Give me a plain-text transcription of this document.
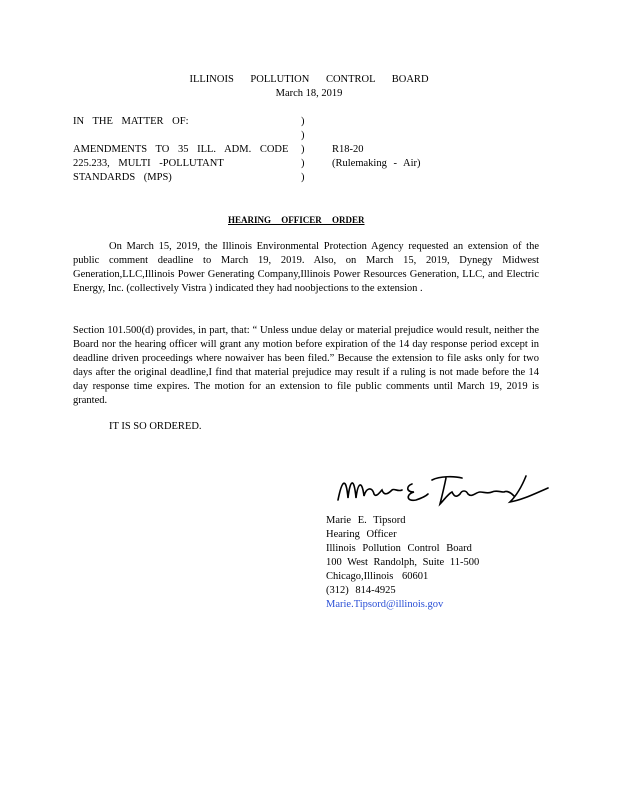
ILLINOIS POLLUTION CONTROL BOARD
March 18, 2019
IN THE MATTER OF:

AMENDMENTS TO 35 ILL. ADM. CODE
225.233, MULTI -POLLUTANT
STANDARDS (MPS)
)
)
)
)
)
R18-20
(Rulemaking - Air)
HEARING OFFICER ORDER
On March 15, 2019, the Illinois Environmental Protection Agency requested an extension of the public comment deadline to March 19, 2019. Also, on March 15, 2019, Dynegy Midwest Generation,LLC,Illinois Power Generating Company,Illinois Power Resources Generation, LLC, and Electric Energy, Inc. (collectively Vistra ) indicated they had noobjections to the extension .
Section 101.500(d) provides, in part, that: “ Unless undue delay or material prejudice would result, neither the Board nor the hearing officer will grant any motion before expiration of the 14 day response period except in deadline driven proceedings where nowaiver has been filed.” Because the extension to file asks only for two days after the original deadline,I find that material prejudice may result if a ruling is not made before the 14 day response time expires. The motion for an extension to file public comments until March 19, 2019 is granted.
IT IS SO ORDERED.
Marie E. Tipsord
Hearing Officer
Illinois Pollution Control Board
100 West Randolph, Suite 11-500
Chicago,Illinois 60601
(312) 814-4925
Marie.Tipsord@illinois.gov
